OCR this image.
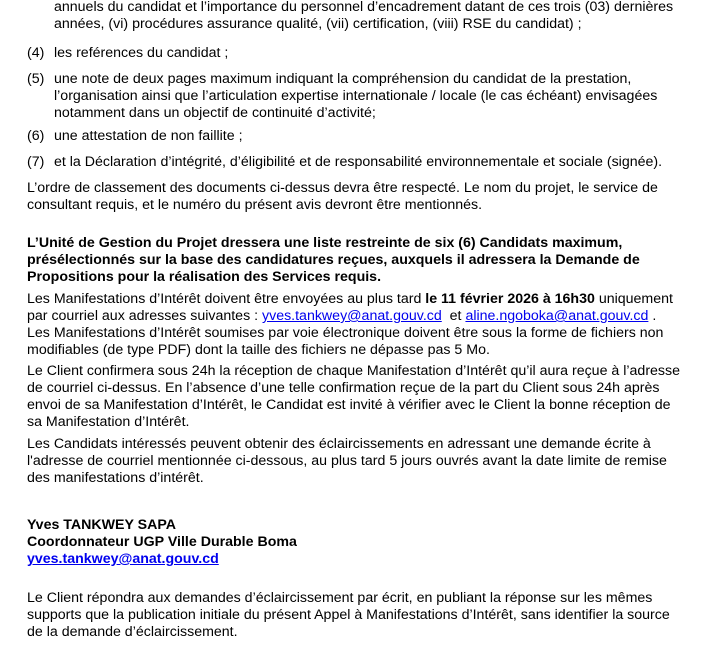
annuels du candidat et l’importance du personnel d’encadrement datant de ces trois (03) dernières
années, (vi) procédures assurance qualité, (vii) certification, (viii) RSE du candidat) ;

(4) les reférences du candidat ;

(5) une note de deux pages maximum indiquant la compréhension du candidat de la prestation,
l’organisation ainsi que l’articulation expertise internationale / locale (le cas échéant) envisagées
notamment dans un objectif de continuité d’activité;

(6) une attestation de non faillite ;

(7) et la Déclaration d’intégrité, d’éligibilité et de responsabilité environnementale et sociale (signée).

L’ordre de classement des documents ci-dessus devra être respecté. Le nom du projet, le service de
consultant requis, et le numéro du présent avis devront être mentionnés.

L’Unité de Gestion du Projet dressera une liste restreinte de six (6) Candidats maximum,
présélectionnés sur la base des candidatures reçues, auxquels il adressera la Demande de
Propositions pour la réalisation des Services requis.

Les Manifestations d’Intérêt doivent être envoyées au plus tard le 11 février 2026 à 16h30 uniquement
par courriel aux adresses suivantes : yves.tankwey@anat.gouv.cd  et aline.ngoboka@anat.gouv.cd .
Les Manifestations d’Intérêt soumises par voie électronique doivent être sous la forme de fichiers non
modifiables (de type PDF) dont la taille des fichiers ne dépasse pas 5 Mo.

Le Client confirmera sous 24h la réception de chaque Manifestation d’Intérêt qu’il aura reçue à l’adresse
de courriel ci-dessus. En l’absence d’une telle confirmation reçue de la part du Client sous 24h après
envoi de sa Manifestation d’Intérêt, le Candidat est invité à vérifier avec le Client la bonne réception de
sa Manifestation d’Intérêt.

Les Candidats intéressés peuvent obtenir des éclaircissements en adressant une demande écrite à
l'adresse de courriel mentionnée ci-dessous, au plus tard 5 jours ouvrés avant la date limite de remise
des manifestations d’intérêt.

Yves TANKWEY SAPA
Coordonnateur UGP Ville Durable Boma
yves.tankwey@anat.gouv.cd

Le Client répondra aux demandes d’éclaircissement par écrit, en publiant la réponse sur les mêmes
supports que la publication initiale du présent Appel à Manifestations d’Intérêt, sans identifier la source
de la demande d’éclaircissement.
